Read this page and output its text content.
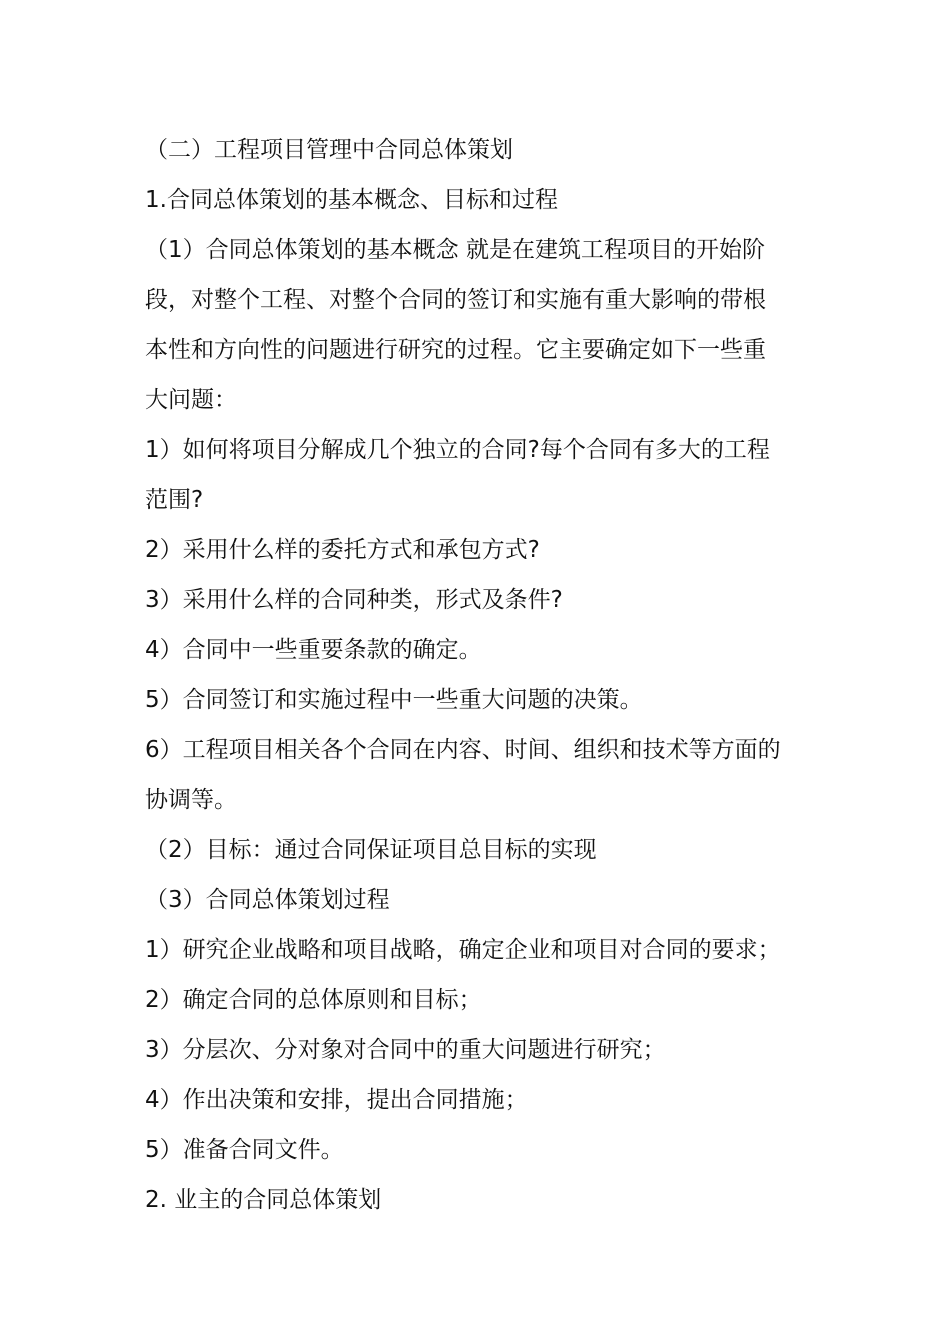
（二）工程项目管理中合同总体策划
1.合同总体策划的基本概念、目标和过程
（1）合同总体策划的基本概念 就是在建筑工程项目的开始阶
段，对整个工程、对整个合同的签订和实施有重大影响的带根
本性和方向性的问题进行研究的过程。它主要确定如下一些重
大问题：
1）如何将项目分解成几个独立的合同?每个合同有多大的工程
范围?
2）采用什么样的委托方式和承包方式?
3）采用什么样的合同种类，形式及条件?
4）合同中一些重要条款的确定。
5）合同签订和实施过程中一些重大问题的决策。
6）工程项目相关各个合同在内容、时间、组织和技术等方面的
协调等。
（2）目标：通过合同保证项目总目标的实现
（3）合同总体策划过程
1）研究企业战略和项目战略，确定企业和项目对合同的要求；
2）确定合同的总体原则和目标；
3）分层次、分对象对合同中的重大问题进行研究；
4）作出决策和安排，提出合同措施；
5）准备合同文件。
2. 业主的合同总体策划
